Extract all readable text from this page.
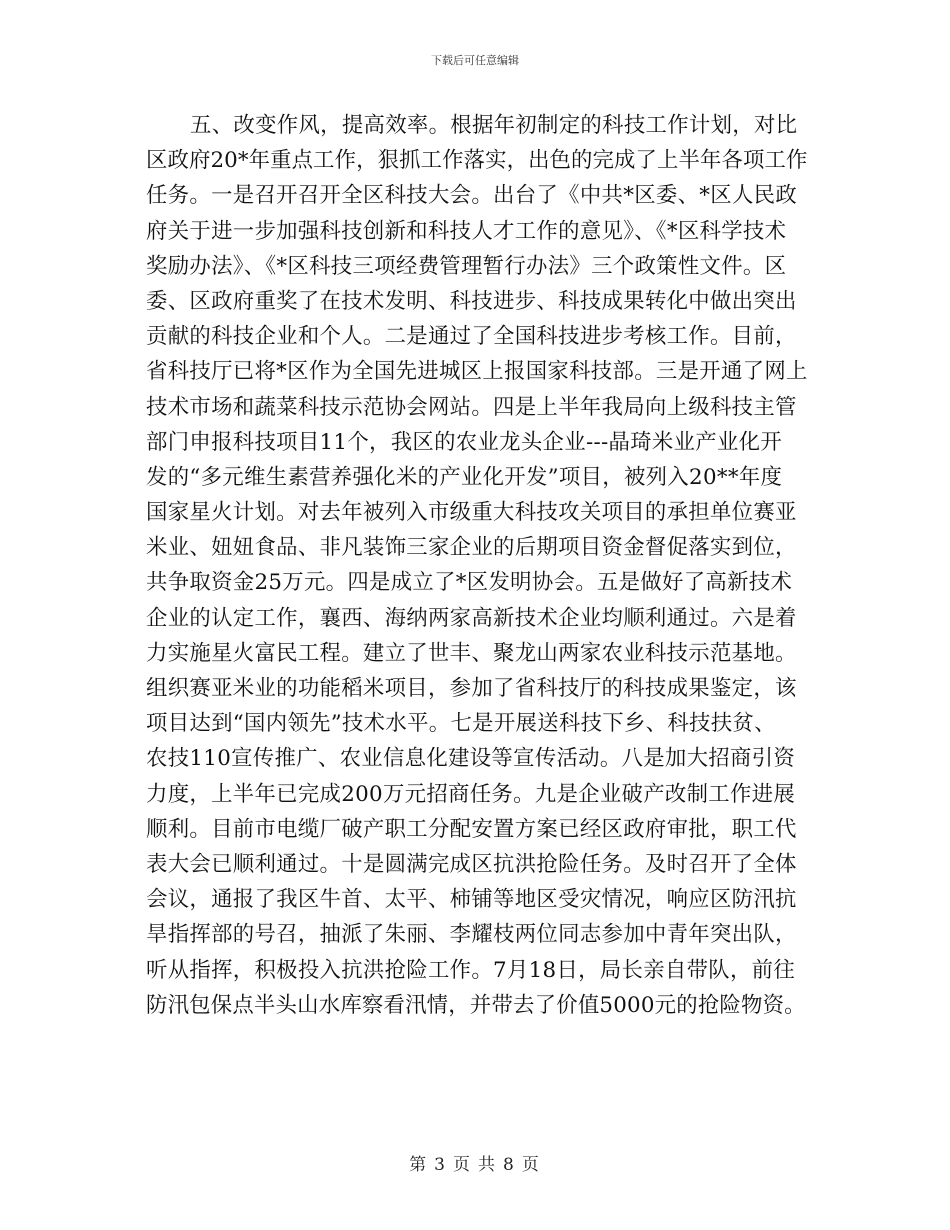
下载后可任意编辑
五、改变作风，提高效率。根据年初制定的科技工作计划，对比
区政府20*年重点工作，狠抓工作落实，出色的完成了上半年各项工作
任务。一是召开召开全区科技大会。出台了《中共*区委、*区人民政
府关于进一步加强科技创新和科技人才工作的意见》、《*区科学技术
奖励办法》、《*区科技三项经费管理暂行办法》三个政策性文件。区
委、区政府重奖了在技术发明、科技进步、科技成果转化中做出突出
贡献的科技企业和个人。二是通过了全国科技进步考核工作。目前，
省科技厅已将*区作为全国先进城区上报国家科技部。三是开通了网上
技术市场和蔬菜科技示范协会网站。四是上半年我局向上级科技主管
部门申报科技项目11个，我区的农业龙头企业---晶琦米业产业化开
发的“多元维生素营养强化米的产业化开发”项目，被列入20**年度
国家星火计划。对去年被列入市级重大科技攻关项目的承担单位赛亚
米业、妞妞食品、非凡装饰三家企业的后期项目资金督促落实到位，
共争取资金25万元。四是成立了*区发明协会。五是做好了高新技术
企业的认定工作，襄西、海纳两家高新技术企业均顺利通过。六是着
力实施星火富民工程。建立了世丰、聚龙山两家农业科技示范基地。
组织赛亚米业的功能稻米项目，参加了省科技厅的科技成果鉴定，该
项目达到“国内领先”技术水平。七是开展送科技下乡、科技扶贫、
农技110宣传推广、农业信息化建设等宣传活动。八是加大招商引资
力度，上半年已完成200万元招商任务。九是企业破产改制工作进展
顺利。目前市电缆厂破产职工分配安置方案已经区政府审批，职工代
表大会已顺利通过。十是圆满完成区抗洪抢险任务。及时召开了全体
会议，通报了我区牛首、太平、柿铺等地区受灾情况，响应区防汛抗
旱指挥部的号召，抽派了朱丽、李耀枝两位同志参加中青年突出队，
听从指挥，积极投入抗洪抢险工作。7月18日，局长亲自带队，前往
防汛包保点半头山水库察看汛情，并带去了价值5000元的抢险物资。
第 3 页 共 8 页
